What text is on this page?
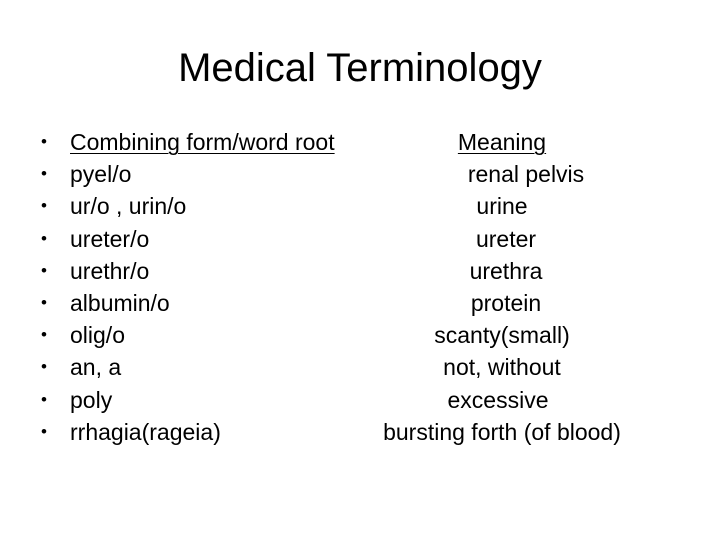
Medical Terminology
•	Combining form/word root	Meaning
•	pyel/o	renal pelvis
•	ur/o , urin/o	urine
•	ureter/o	ureter
•	urethr/o	urethra
•	albumin/o	protein
•	olig/o	scanty(small)
•	an, a	not, without
•	poly	excessive
•	rrhagia(rageia)	bursting forth (of blood)
